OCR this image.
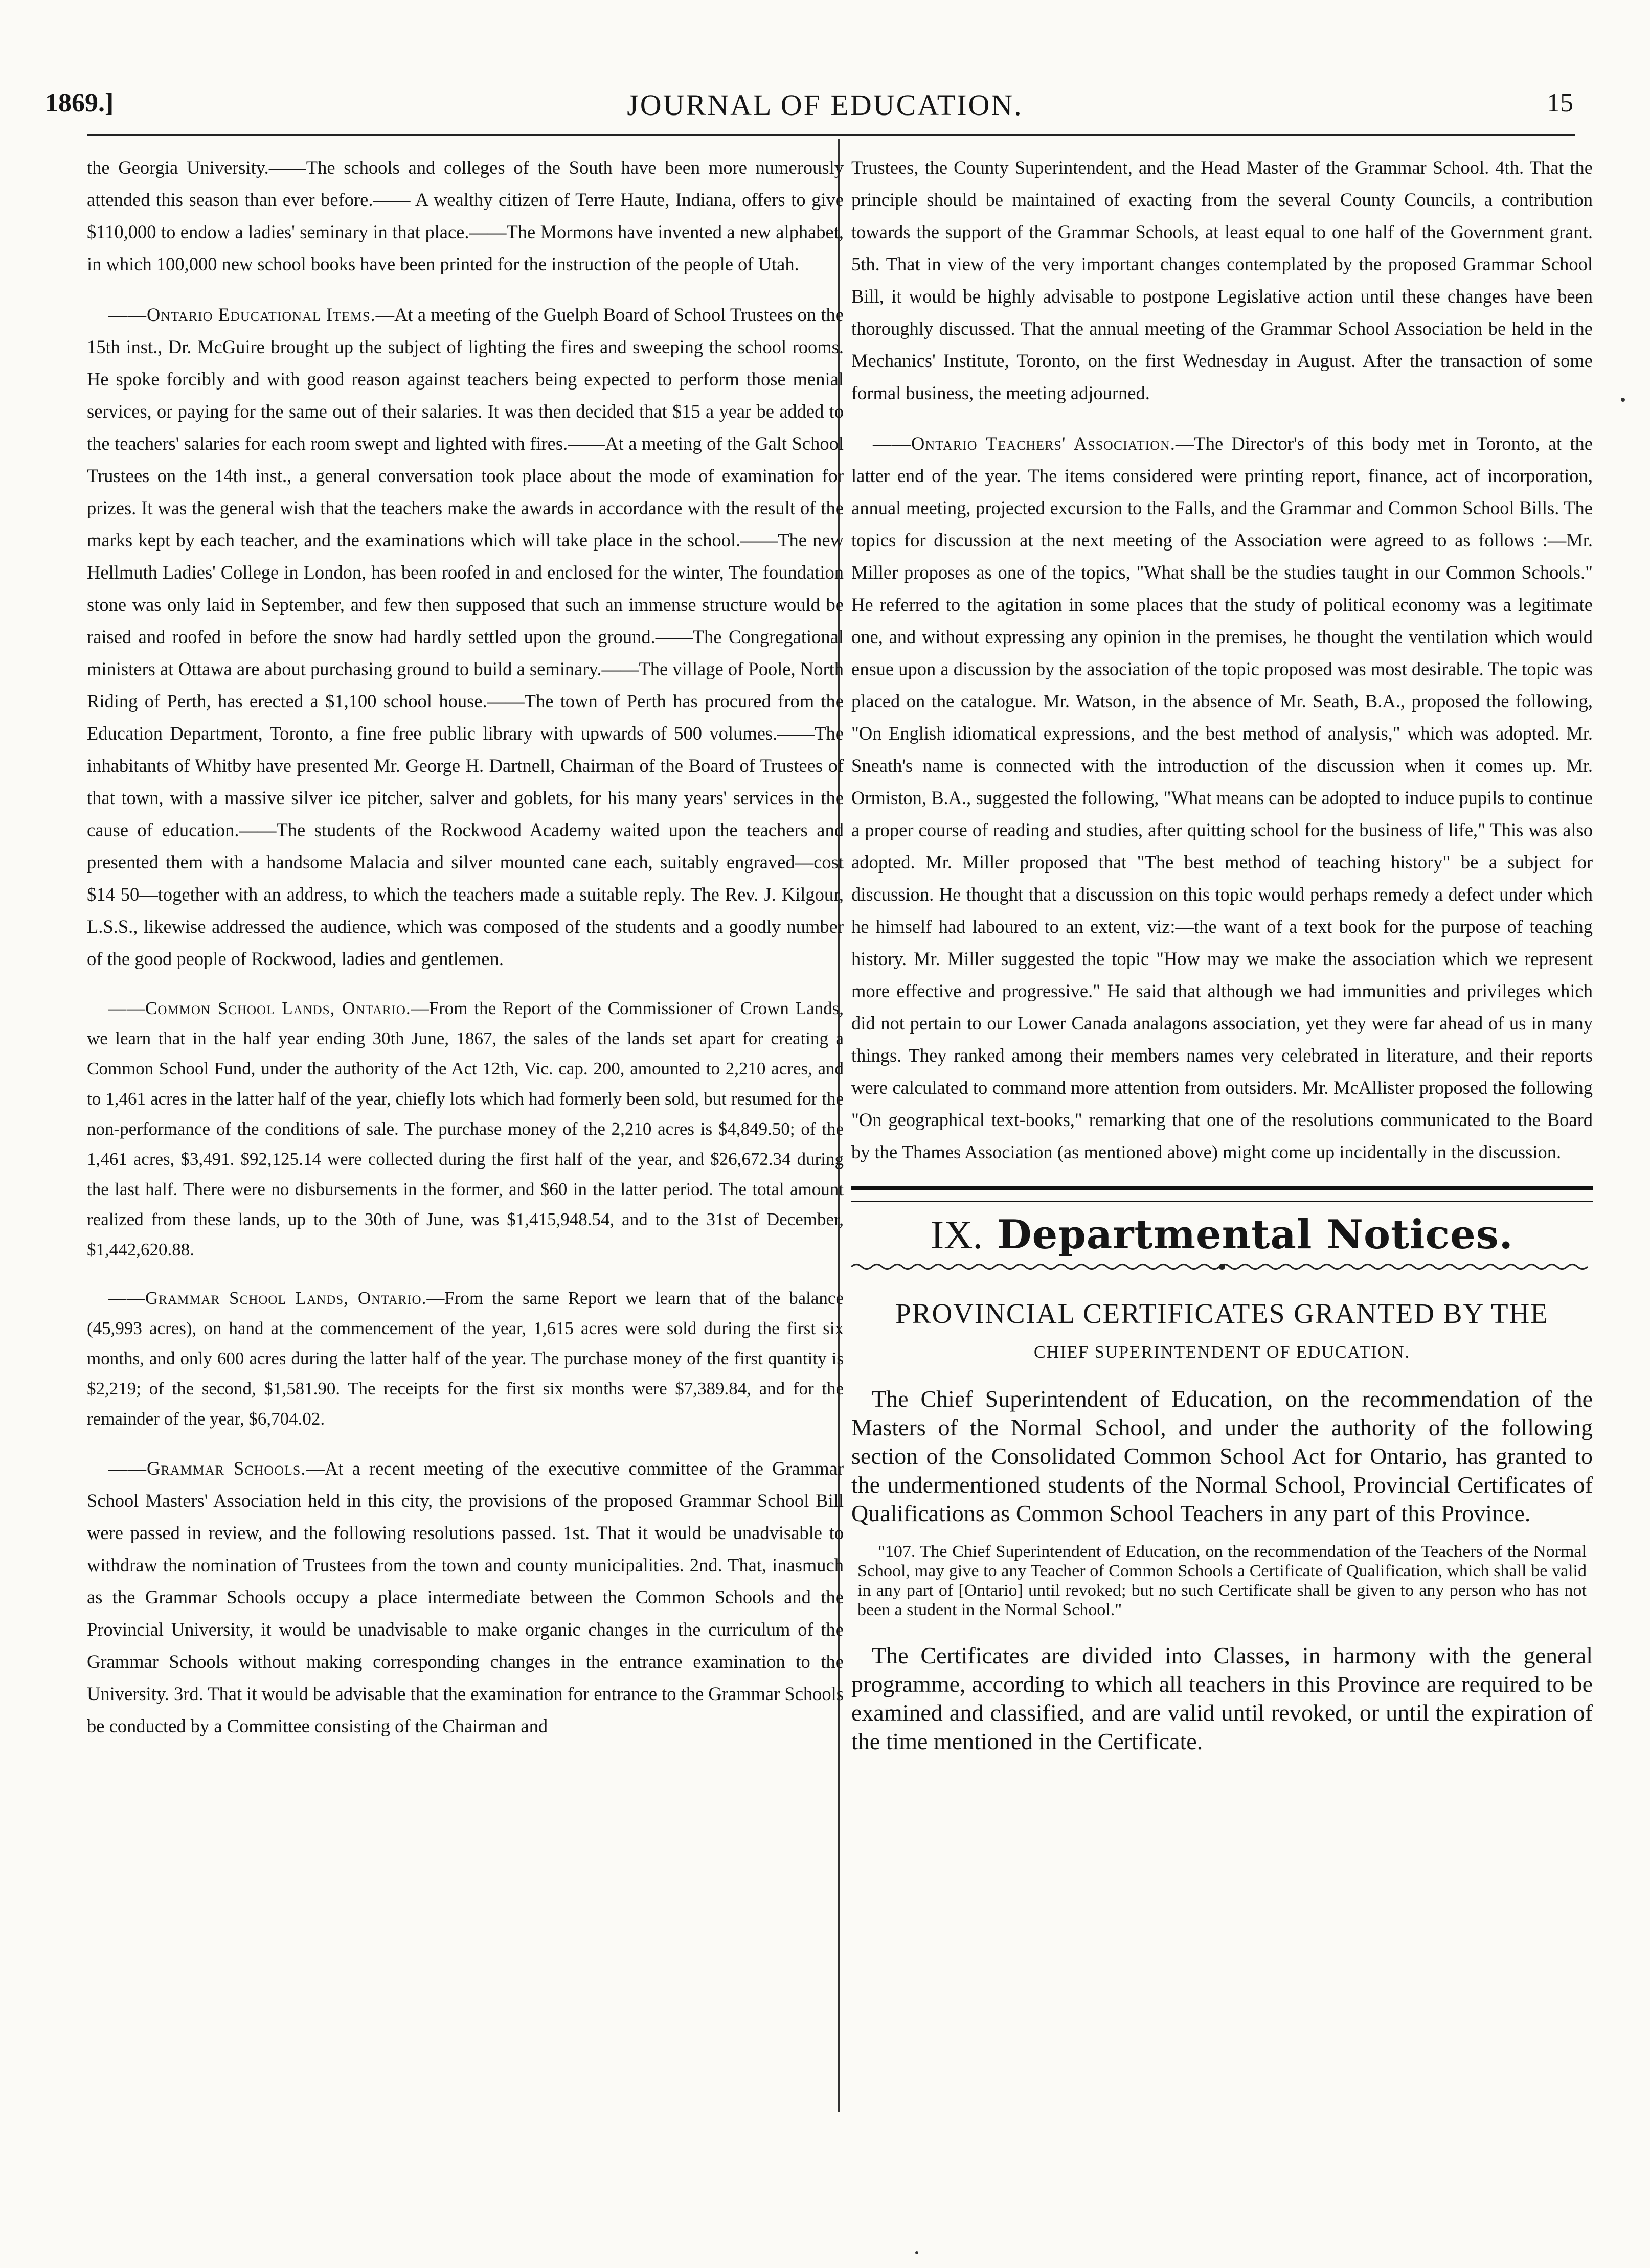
1869.]	JOURNAL OF EDUCATION.	15

the Georgia University.——The schools and colleges of the South have been more numerously attended this season than ever before.—— A wealthy citizen of Terre Haute, Indiana, offers to give $110,000 to endow a ladies' seminary in that place.——The Mormons have invented a new alphabet, in which 100,000 new school books have been printed for the instruction of the people of Utah.

——Ontario Educational Items.—At a meeting of the Guelph Board of School Trustees on the 15th inst., Dr. McGuire brought up the subject of lighting the fires and sweeping the school rooms. He spoke forcibly and with good reason against teachers being expected to perform those menial services, or paying for the same out of their salaries. It was then decided that $15 a year be added to the teachers' salaries for each room swept and lighted with fires.——At a meeting of the Galt School Trustees on the 14th inst., a general conversation took place about the mode of examination for prizes. It was the general wish that the teachers make the awards in accordance with the result of the marks kept by each teacher, and the examinations which will take place in the school.——The new Hellmuth Ladies' College in London, has been roofed in and enclosed for the winter, The foundation stone was only laid in September, and few then supposed that such an immense structure would be raised and roofed in before the snow had hardly settled upon the ground.——The Congregational ministers at Ottawa are about purchasing ground to build a seminary.——The village of Poole, North Riding of Perth, has erected a $1,100 school house.——The town of Perth has procured from the Education Department, Toronto, a fine free public library with upwards of 500 volumes.——The inhabitants of Whitby have presented Mr. George H. Dartnell, Chairman of the Board of Trustees of that town, with a massive silver ice pitcher, salver and goblets, for his many years' services in the cause of education.——The students of the Rockwood Academy waited upon the teachers and presented them with a handsome Malacia and silver mounted cane each, suitably engraved—cost $14 50—together with an address, to which the teachers made a suitable reply. The Rev. J. Kilgour, L.S.S., likewise addressed the audience, which was composed of the students and a goodly number of the good people of Rockwood, ladies and gentlemen.

——Common School Lands, Ontario.—From the Report of the Commissioner of Crown Lands, we learn that in the half year ending 30th June, 1867, the sales of the lands set apart for creating a Common School Fund, under the authority of the Act 12th, Vic. cap. 200, amounted to 2,210 acres, and to 1,461 acres in the latter half of the year, chiefly lots which had formerly been sold, but resumed for the non-performance of the conditions of sale. The purchase money of the 2,210 acres is $4,849.50; of the 1,461 acres, $3,491. $92,125.14 were collected during the first half of the year, and $26,672.34 during the last half. There were no disbursements in the former, and $60 in the latter period. The total amount realized from these lands, up to the 30th of June, was $1,415,948.54, and to the 31st of December, $1,442,620.88.

——Grammar School Lands, Ontario.—From the same Report we learn that of the balance (45,993 acres), on hand at the commencement of the year, 1,615 acres were sold during the first six months, and only 600 acres during the latter half of the year. The purchase money of the first quantity is $2,219; of the second, $1,581.90. The receipts for the first six months were $7,389.84, and for the remainder of the year, $6,704.02.

——Grammar Schools.—At a recent meeting of the executive committee of the Grammar School Masters' Association held in this city, the provisions of the proposed Grammar School Bill were passed in review, and the following resolutions passed. 1st. That it would be unadvisable to withdraw the nomination of Trustees from the town and county municipalities. 2nd. That, inasmuch as the Grammar Schools occupy a place intermediate between the Common Schools and the Provincial University, it would be unadvisable to make organic changes in the curriculum of the Grammar Schools without making corresponding changes in the entrance examination to the University. 3rd. That it would be advisable that the examination for entrance to the Grammar Schools be conducted by a Committee consisting of the Chairman and

Trustees, the County Superintendent, and the Head Master of the Grammar School. 4th. That the principle should be maintained of exacting from the several County Councils, a contribution towards the support of the Grammar Schools, at least equal to one half of the Government grant. 5th. That in view of the very important changes contemplated by the proposed Grammar School Bill, it would be highly advisable to postpone Legislative action until these changes have been thoroughly discussed. That the annual meeting of the Grammar School Association be held in the Mechanics' Institute, Toronto, on the first Wednesday in August. After the transaction of some formal business, the meeting adjourned.

——Ontario Teachers' Association.—The Director's of this body met in Toronto, at the latter end of the year. The items considered were printing report, finance, act of incorporation, annual meeting, projected excursion to the Falls, and the Grammar and Common School Bills. The topics for discussion at the next meeting of the Association were agreed to as follows :—Mr. Miller proposes as one of the topics, "What shall be the studies taught in our Common Schools." He referred to the agitation in some places that the study of political economy was a legitimate one, and without expressing any opinion in the premises, he thought the ventilation which would ensue upon a discussion by the association of the topic proposed was most desirable. The topic was placed on the catalogue. Mr. Watson, in the absence of Mr. Seath, B.A., proposed the following, "On English idiomatical expressions, and the best method of analysis," which was adopted. Mr. Sneath's name is connected with the introduction of the discussion when it comes up. Mr. Ormiston, B.A., suggested the following, "What means can be adopted to induce pupils to continue a proper course of reading and studies, after quitting school for the business of life," This was also adopted. Mr. Miller proposed that "The best method of teaching history" be a subject for discussion. He thought that a discussion on this topic would perhaps remedy a defect under which he himself had laboured to an extent, viz:—the want of a text book for the purpose of teaching history. Mr. Miller suggested the topic "How may we make the association which we represent more effective and progressive." He said that although we had immunities and privileges which did not pertain to our Lower Canada analagons association, yet they were far ahead of us in many things. They ranked among their members names very celebrated in literature, and their reports were calculated to command more attention from outsiders. Mr. McAllister proposed the following "On geographical text-books," remarking that one of the resolutions communicated to the Board by the Thames Association (as mentioned above) might come up incidentally in the discussion.

IX. Departmental Notices.
PROVINCIAL CERTIFICATES GRANTED BY THE
CHIEF SUPERINTENDENT OF EDUCATION.

The Chief Superintendent of Education, on the recommendation of the Masters of the Normal School, and under the authority of the following section of the Consolidated Common School Act for Ontario, has granted to the undermentioned students of the Normal School, Provincial Certificates of Qualifications as Common School Teachers in any part of this Province.

"107. The Chief Superintendent of Education, on the recommendation of the Teachers of the Normal School, may give to any Teacher of Common Schools a Certificate of Qualification, which shall be valid in any part of [Ontario] until revoked; but no such Certificate shall be given to any person who has not been a student in the Normal School."

The Certificates are divided into Classes, in harmony with the general programme, according to which all teachers in this Province are required to be examined and classified, and are valid until revoked, or until the expiration of the time mentioned in the Certificate.
